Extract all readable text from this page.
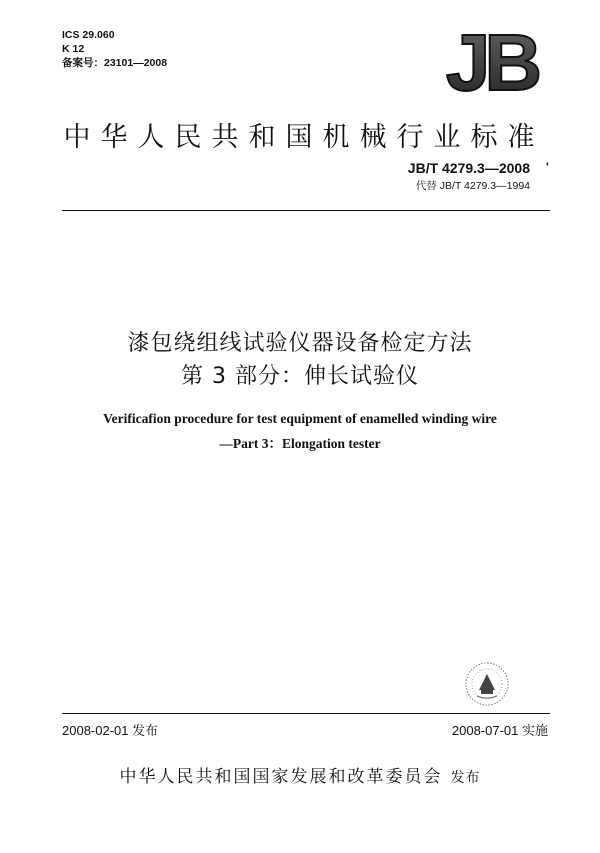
ICS 29.060
K 12
备案号：23101—2008	JB
中华人民共和国机械行业标准
JB/T 4279.3—2008
代替 JB/T 4279.3—1994
'
漆包绕组线试验仪器设备检定方法
第 3 部分：伸长试验仪
Verificafion procedure for test equipment of enamelled winding wire
—Part 3：Elongation tester
2008-02-01 发布	2008-07-01 实施
中华人民共和国国家发展和改革委员会 发布
